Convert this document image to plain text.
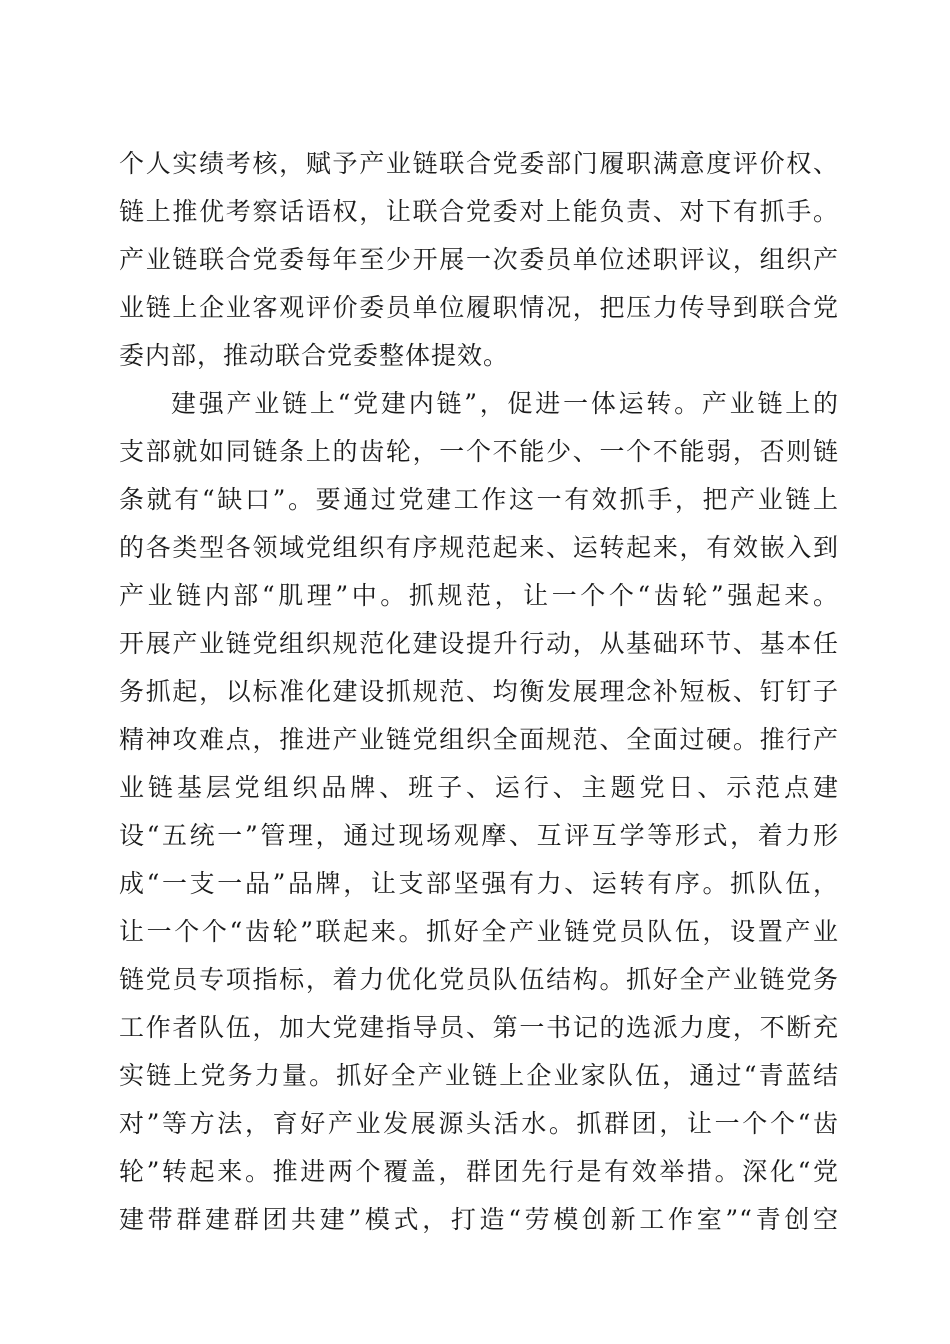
个人实绩考核，赋予产业链联合党委部门履职满意度评价权、
链上推优考察话语权，让联合党委对上能负责、对下有抓手。
产业链联合党委每年至少开展一次委员单位述职评议，组织产
业链上企业客观评价委员单位履职情况，把压力传导到联合党
委内部，推动联合党委整体提效。
建强产业链上“党建内链”，促进一体运转。产业链上的
支部就如同链条上的齿轮，一个不能少、一个不能弱，否则链
条就有“缺口”。要通过党建工作这一有效抓手，把产业链上
的各类型各领域党组织有序规范起来、运转起来，有效嵌入到
产业链内部“肌理”中。抓规范，让一个个“齿轮”强起来。
开展产业链党组织规范化建设提升行动，从基础环节、基本任
务抓起，以标准化建设抓规范、均衡发展理念补短板、钉钉子
精神攻难点，推进产业链党组织全面规范、全面过硬。推行产
业链基层党组织品牌、班子、运行、主题党日、示范点建
设“五统一”管理，通过现场观摩、互评互学等形式，着力形
成“一支一品”品牌，让支部坚强有力、运转有序。抓队伍，
让一个个“齿轮”联起来。抓好全产业链党员队伍，设置产业
链党员专项指标，着力优化党员队伍结构。抓好全产业链党务
工作者队伍，加大党建指导员、第一书记的选派力度，不断充
实链上党务力量。抓好全产业链上企业家队伍，通过“青蓝结
对”等方法，育好产业发展源头活水。抓群团，让一个个“齿
轮”转起来。推进两个覆盖，群团先行是有效举措。深化“党
建带群建群团共建”模式，打造“劳模创新工作室”“青创空
